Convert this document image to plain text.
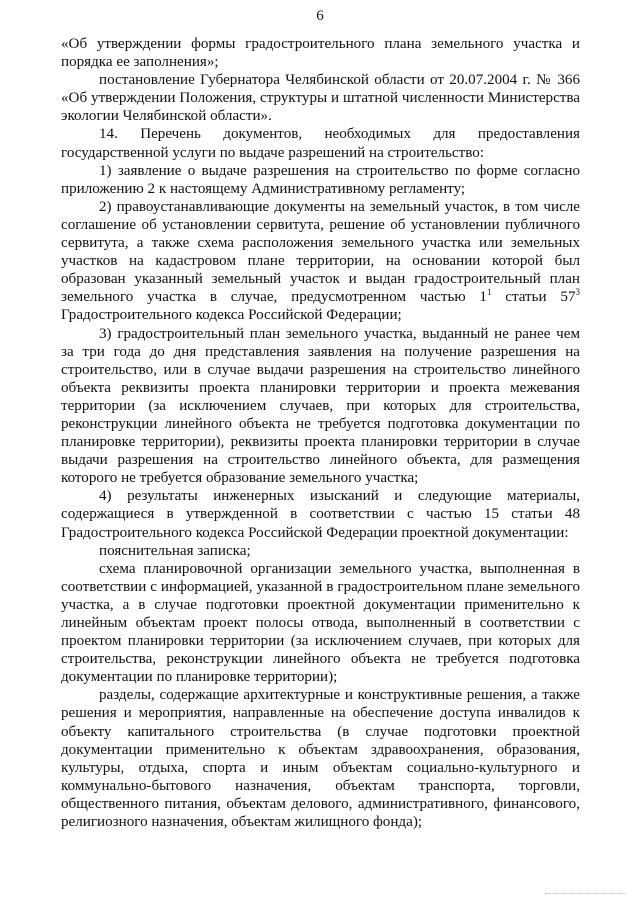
6

«Об утверждении формы градостроительного плана земельного участка и порядка ее заполнения»;

постановление Губернатора Челябинской области от 20.07.2004 г. № 366 «Об утверждении Положения, структуры и штатной численности Министерства экологии Челябинской области».

14. Перечень документов, необходимых для предоставления государственной услуги по выдаче разрешений на строительство:

1) заявление о выдаче разрешения на строительство по форме согласно приложению 2 к настоящему Административному регламенту;

2) правоустанавливающие документы на земельный участок, в том числе соглашение об установлении сервитута, решение об установлении публичного сервитута, а также схема расположения земельного участка или земельных участков на кадастровом плане территории, на основании которой был образован указанный земельный участок и выдан градостроительный план земельного участка в случае, предусмотренном частью $1^1$ статьи $57^3$ Градостроительного кодекса Российской Федерации;

3) градостроительный план земельного участка, выданный не ранее чем за три года до дня представления заявления на получение разрешения на строительство, или в случае выдачи разрешения на строительство линейного объекта реквизиты проекта планировки территории и проекта межевания территории (за исключением случаев, при которых для строительства, реконструкции линейного объекта не требуется подготовка документации по планировке территории), реквизиты проекта планировки территории в случае выдачи разрешения на строительство линейного объекта, для размещения которого не требуется образование земельного участка;

4) результаты инженерных изысканий и следующие материалы, содержащиеся в утвержденной в соответствии с частью 15 статьи 48 Градостроительного кодекса Российской Федерации проектной документации:

пояснительная записка;

схема планировочной организации земельного участка, выполненная в соответствии с информацией, указанной в градостроительном плане земельного участка, а в случае подготовки проектной документации применительно к линейным объектам проект полосы отвода, выполненный в соответствии с проектом планировки территории (за исключением случаев, при которых для строительства, реконструкции линейного объекта не требуется подготовка документации по планировке территории);

разделы, содержащие архитектурные и конструктивные решения, а также решения и мероприятия, направленные на обеспечение доступа инвалидов к объекту капитального строительства (в случае подготовки проектной документации применительно к объектам здравоохранения, образования, культуры, отдыха, спорта и иным объектам социально-культурного и коммунально-бытового назначения, объектам транспорта, торговли, общественного питания, объектам делового, административного, финансового, религиозного назначения, объектам жилищного фонда);
